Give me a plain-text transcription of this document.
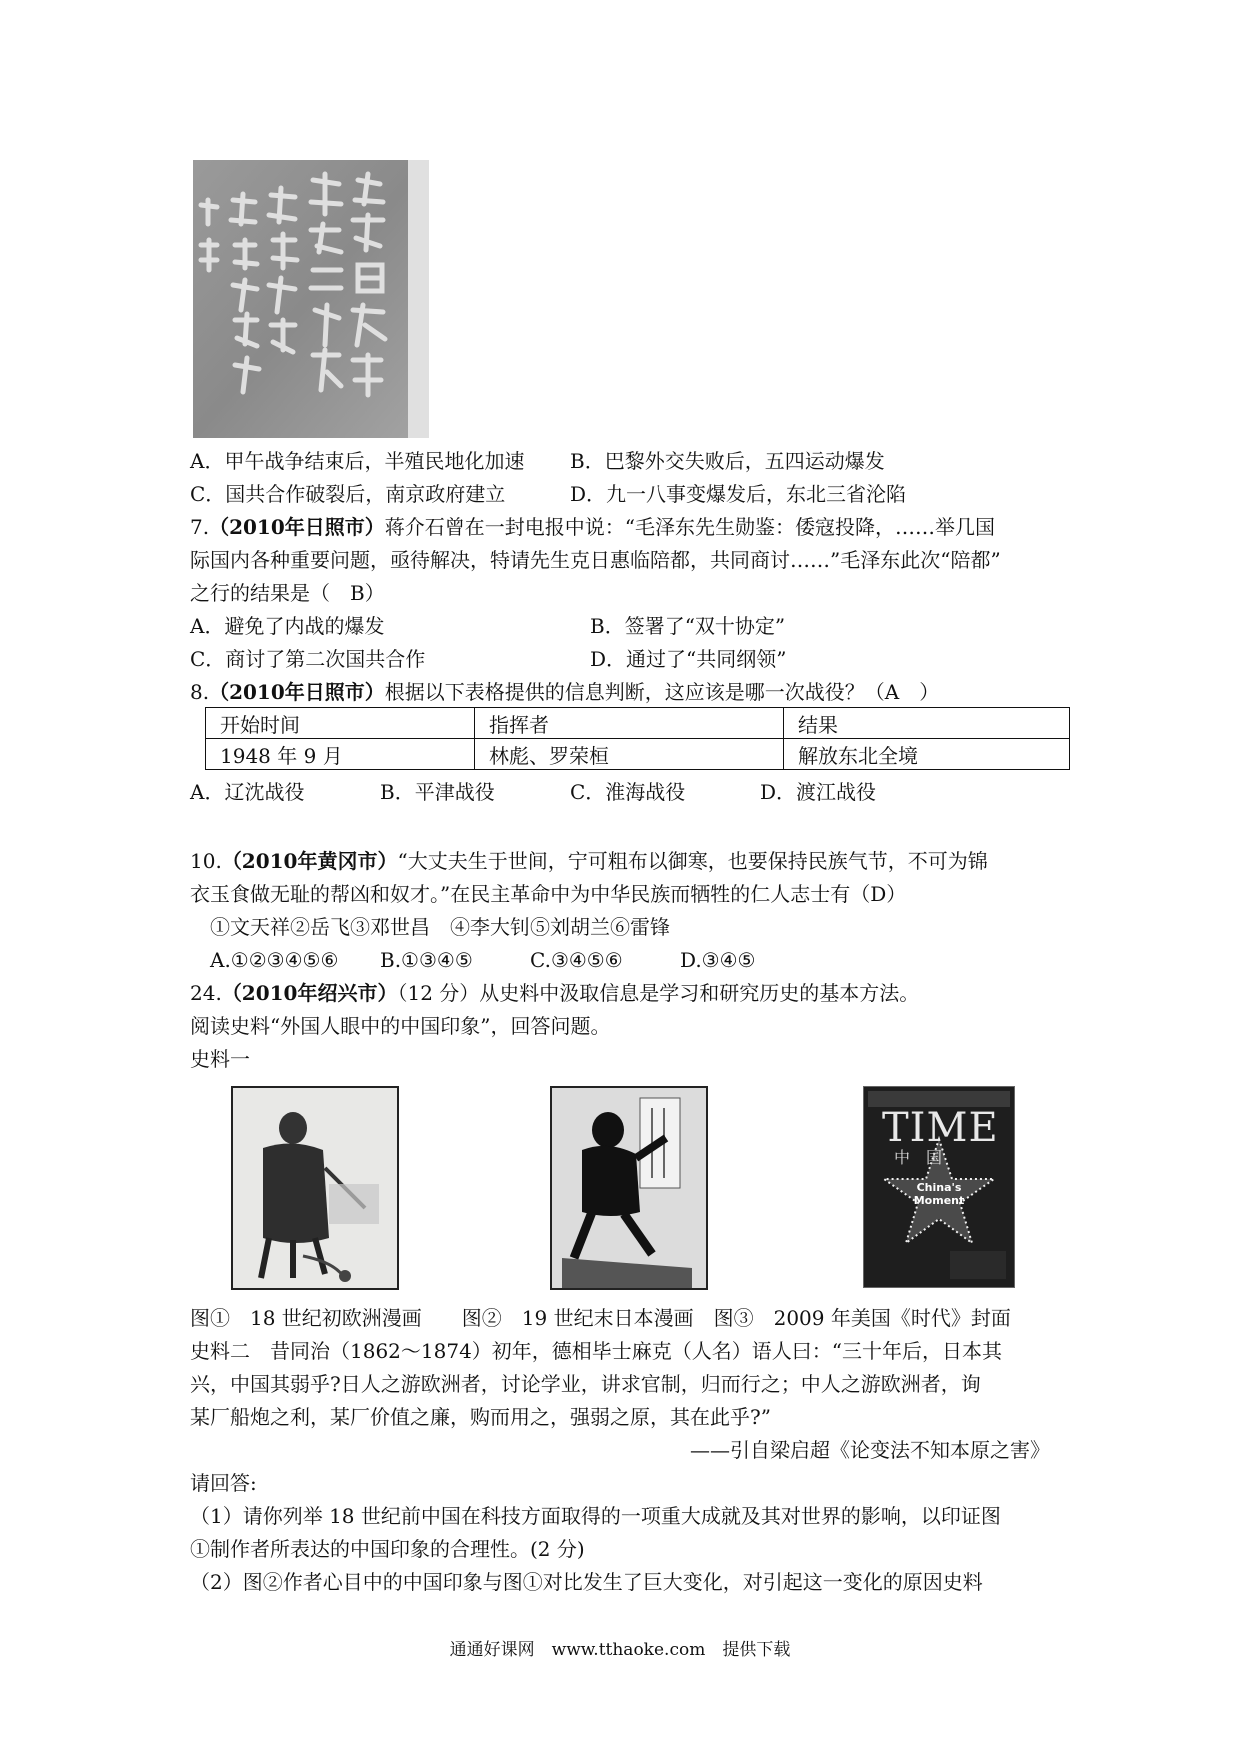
A．甲午战争结束后，半殖民地化加速 B．巴黎外交失败后，五四运动爆发
C．国共合作破裂后，南京政府建立	D．九一八事变爆发后，东北三省沦陷
7.（2010年日照市）蒋介石曾在一封电报中说：“毛泽东先生勋鉴：倭寇投降，……举几国
际国内各种重要问题，亟待解决，特请先生克日惠临陪都，共同商讨……”毛泽东此次“陪都”
之行的结果是（　B）
A．避免了内战的爆发	B．签署了“双十协定”
C．商讨了第二次国共合作	D．通过了“共同纲领”
8.（2010年日照市）根据以下表格提供的信息判断，这应该是哪一次战役？（A　）
开始时间	指挥者	结果
1948 年 9 月	林彪、罗荣桓	解放东北全境
A．辽沈战役	B．平津战役	C．淮海战役	D．渡江战役
10.（2010年黄冈市）“大丈夫生于世间，宁可粗布以御寒，也要保持民族气节，不可为锦
衣玉食做无耻的帮凶和奴才。”在民主革命中为中华民族而牺牲的仁人志士有（D）
①文天祥②岳飞③邓世昌　④李大钊⑤刘胡兰⑥雷锋
A.①②③④⑤⑥ B.①③④⑤	C.③④⑤⑥	D.③④⑤
24.（2010年绍兴市）（12 分）从史料中汲取信息是学习和研究历史的基本方法。
阅读史料“外国人眼中的中国印象”，回答问题。
史料一
TIME
中　国
China's
Moment
图①　18 世纪初欧洲漫画　　图②　19 世纪末日本漫画　图③　2009 年美国《时代》封面
史料二　昔同治（1862～1874）初年，德相毕士麻克（人名）语人曰：“三十年后，日本其
兴，中国其弱乎?日人之游欧洲者，讨论学业，讲求官制，归而行之；中人之游欧洲者，询
某厂船炮之利，某厂价值之廉，购而用之，强弱之原，其在此乎?”
——引自梁启超《论变法不知本原之害》
请回答:
（1）请你列举 18 世纪前中国在科技方面取得的一项重大成就及其对世界的影响，以印证图
①制作者所表达的中国印象的合理性。(2 分)
（2）图②作者心目中的中国印象与图①对比发生了巨大变化，对引起这一变化的原因史料
通通好课网　www.tthaoke.com　提供下载
